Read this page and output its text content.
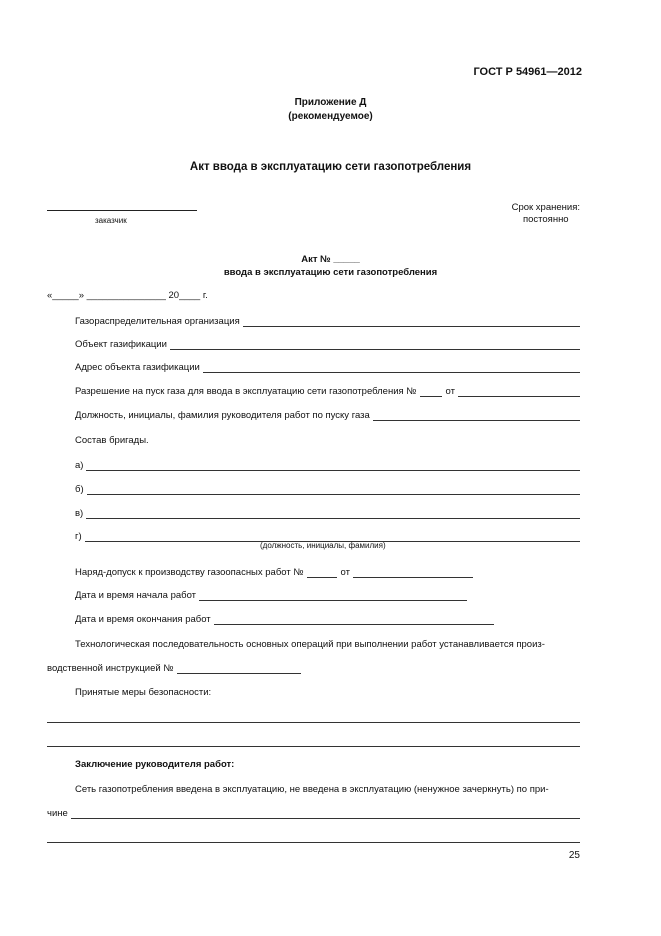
ГОСТ Р 54961—2012
Приложение Д
(рекомендуемое)
Акт ввода в эксплуатацию сети газопотребления
заказчик
Срок хранения:
постоянно
Акт № _____
ввода в эксплуатацию сети газопотребления
«_____» _______________ 20____ г.
Газораспределительная организация
Объект газификации
Адрес объекта газификации
Разрешение на пуск газа для ввода в эксплуатацию сети газопотребления №	от
Должность, инициалы, фамилия руководителя работ по пуску газа
Состав бригады.
а)
б)
в)
г)
(должность, инициалы, фамилия)
Наряд-допуск к производству газоопасных работ №	от
Дата и время начала работ
Дата и время окончания работ
Технологическая последовательность основных операций при выполнении работ устанавливается произ-
водственной инструкцией №
Принятые меры безопасности:
Заключение руководителя работ:
Сеть газопотребления введена в эксплуатацию, не введена в эксплуатацию (ненужное зачеркнуть) по при-
чине
25
